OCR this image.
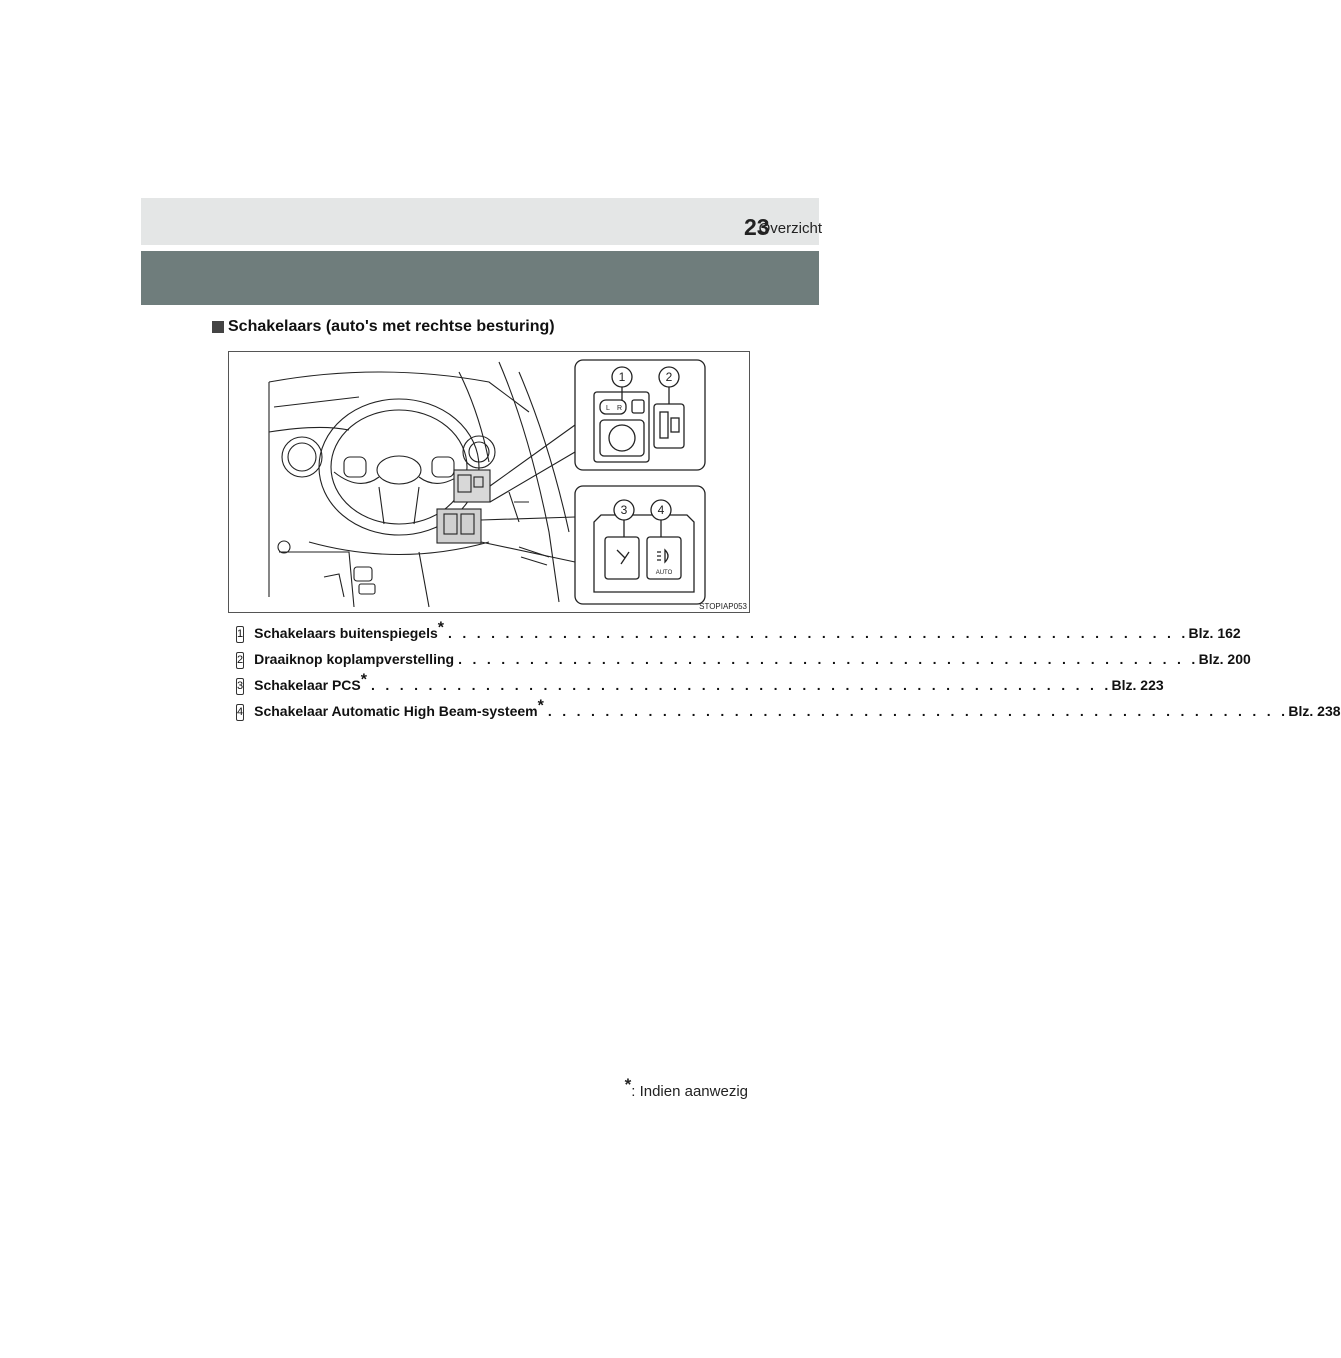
Overzicht
23
Schakelaars (auto's met rechtse besturing)
1	2
3	4
L R
AUTO
STOPIAP053
1 Schakelaars buitenspiegels* . . . . . . . . . . . . . . . . . . . . . . . . . . . . . . . . . . . . . . . . . . . . . . . . . . . . Blz. 162
2 Draaiknop koplampverstelling . . . . . . . . . . . . . . . . . . . . . . . . . . . . . . . . . . . . . . . . . . . . . . . . . . . . Blz. 200
3 Schakelaar PCS* . . . . . . . . . . . . . . . . . . . . . . . . . . . . . . . . . . . . . . . . . . . . . . . . . . . . Blz. 223
4 Schakelaar Automatic High Beam-systeem* . . . . . . . . . . . . . . . . . . . . . . . . . . . . . . . . . . . . . . . . . . . . . . . . . . . . Blz. 238
*: Indien aanwezig
